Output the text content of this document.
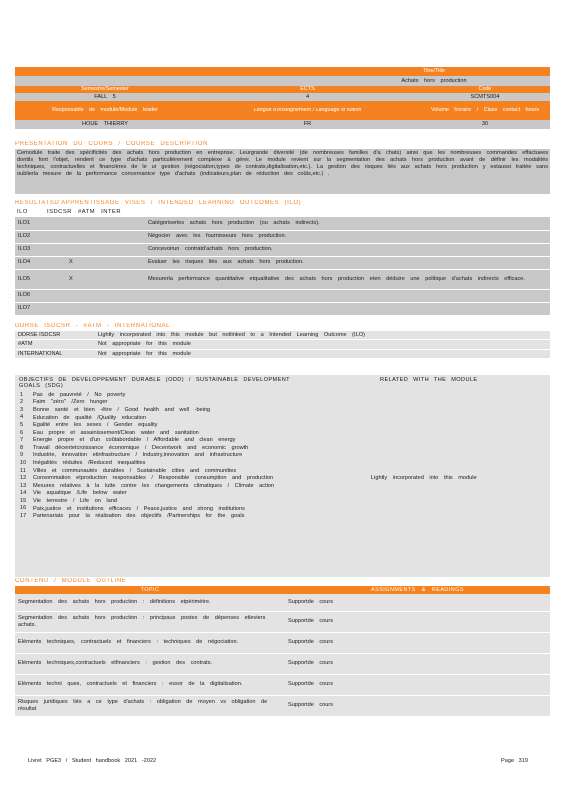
Titre/Title
Achats hors production
Semestre/Semester	ECTS	Code
FALL 5	4	SCMTS004
Responsable de module/Module leader	Langue d'enseignement / Language of tuition	Volume horaire / Class contact hours
HOUE THIERRY	FR	30
PRESENTATION DU COURS / COURSE DESCRIPTION
Cemodule traite des spécificités des achats hors production en entreprise. Leurgrande diversité (de nombreuses familles d'a chats) ainsi que les nombreuses commandes effactuees dontils font l'objet, rendent ce type d'achats particulièrement complexe à gérer. Le module revient sur la segmentation des achats hors production avant de définir les modalités techniques, contractuelles et financières de le ur gestion (négociation,types de contrats,digitalisation,etc.). La gestion des risques liés aux achats hors production y estaussi traitée sans oublierla mesure de la performance concernantce type d'achats (indicateurs,plan de réduction des coûts,etc.) .
RESULTATSD'APPRENTISSAGE VISES / INTENDED LEARNING OUTCOMES (ILO)
ILO	ISDCSR #ATM INTER
ILO1		Catégoriserles achats hors production (ou achats indirects).
ILO2		Négocier avec les fournisseurs hors production.
ILO3		Concevoirun contratd'achats hors production.
ILO4	X	Evaluer les risques liés aux achats hors production.
ILO5	X	Mesurerla performance quantitative etqualitative des achats hors production eten déduire une politique d'achats indirects efficace.
ILO6		
ILO7		
DDRSE ISDCSR - #ATM - INTERNATIONAL
DDRSE ISDCSR	Lightly incorporated into this module but notlinked to a Intended Learning Outcome (ILO)
#ATM	Not appropriate for this module
INTERNATIONAL	Not appropriate for this module
OBJECTIFS DE DEVELOPPEMENT DURABLE (ODD) / SUSTAINABLE DEVELOPMENT GOALS (SDG)
RELATED WITH THE MODULE
1	Pas de pauvreté / No poverty
2	Faim "zéro" /Zero hunger
3	Bonne santé et bien -être / Good health and well -being
4	Education de qualité /Quality education
5	Egalité entre les sexes / Gender equality
6	Eau propre et assainissement/Clean water and sanitation
7	Energie propre et d'un coûtabordable / Affordable and clean energy
8	Travail décentetcroissance économique / Decentwork and economic growth
9	Industrie, innovation etinfrastructure / Industry,innovation and infrastructure
10	Inégalités réduites /Reduced inequalities
11	Villes et communautés durables / Sustainable cities and communities
12	Consommation etproduction responsables / Responsible consumption and production	Lightly incorporated into this module
13	Mesures relatives à la lutte contre les changements climatiques / Climate action
14	Vie aquatique /Life below water
15	Vie terrestre / Life on land
16	Paix,justice et institutions efficaces / Peace,justice and strong institutions
17	Partenariats pour la réalisation des objectifs /Partnerships for the goals
CONTENU / MODULE OUTLINE
TOPIC	ASSIGNMENTS & READINGS
Segmentation des achats hors production : définitions etpérimètre.	Supportde cours
Segmentation des achats hors production : principaux postes de dépenses etleviers achats.	Supportde cours
Eléments techniques, contractuels et financiers : techniques de négociation.	Supportde cours
Eléments techniques,contractuels etfinanciers : gestion des contrats.	Supportde cours
Eléments techni ques, contractuels et financiers : essor de la digitalisation.	Supportde cours
Risques juridiques liés a ce type d'achats : obligation de moyen vs obligation de résultat	Supportde cours
Livret PGE3 / Student handbook 2021 -2022	Page 319
